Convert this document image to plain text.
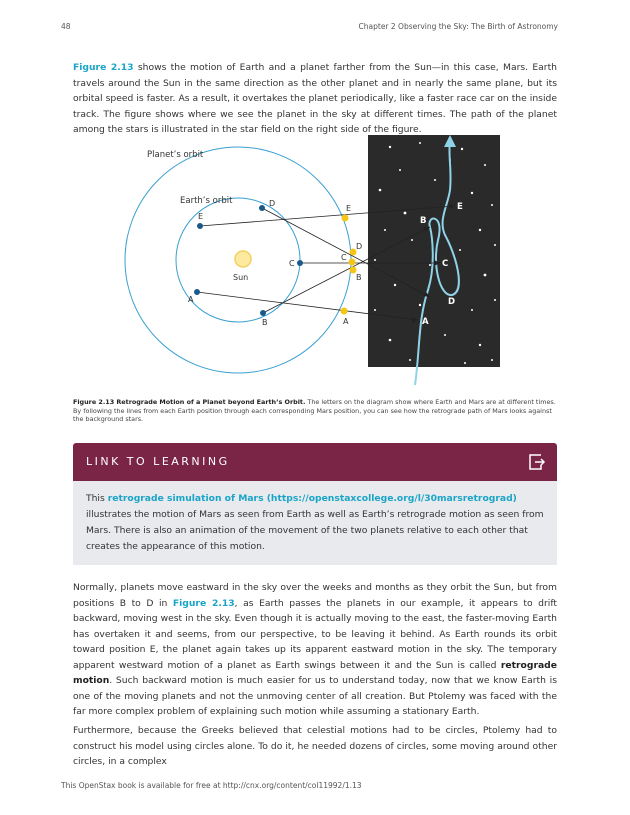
48	Chapter 2 Observing the Sky: The Birth of Astronomy

Figure 2.13 shows the motion of Earth and a planet farther from the Sun—in this case, Mars. Earth travels around the Sun in the same direction as the other planet and in nearly the same plane, but its orbital speed is faster. As a result, it overtakes the planet periodically, like a faster race car on the inside track. The figure shows where we see the planet in the sky at different times. The path of the planet among the stars is illustrated in the star field on the right side of the figure.

Sun
Planet’s orbit
Earth’s orbit
E
D
C
A
B
E
D
C
B
A
E
B
C
D
A

Figure 2.13 Retrograde Motion of a Planet beyond Earth’s Orbit. The letters on the diagram show where Earth and Mars are at different times. By following the lines from each Earth position through each corresponding Mars position, you can see how the retrograde path of Mars looks against the background stars.

LINK TO LEARNING

This retrograde simulation of Mars (https://openstaxcollege.org/l/30marsretrograd) illustrates the motion of Mars as seen from Earth as well as Earth’s retrograde motion as seen from Mars. There is also an animation of the movement of the two planets relative to each other that creates the appearance of this motion.

Normally, planets move eastward in the sky over the weeks and months as they orbit the Sun, but from positions B to D in Figure 2.13, as Earth passes the planets in our example, it appears to drift backward, moving west in the sky. Even though it is actually moving to the east, the faster-moving Earth has overtaken it and seems, from our perspective, to be leaving it behind. As Earth rounds its orbit toward position E, the planet again takes up its apparent eastward motion in the sky. The temporary apparent westward motion of a planet as Earth swings between it and the Sun is called retrograde motion. Such backward motion is much easier for us to understand today, now that we know Earth is one of the moving planets and not the unmoving center of all creation. But Ptolemy was faced with the far more complex problem of explaining such motion while assuming a stationary Earth.

Furthermore, because the Greeks believed that celestial motions had to be circles, Ptolemy had to construct his model using circles alone. To do it, he needed dozens of circles, some moving around other circles, in a complex

This OpenStax book is available for free at http://cnx.org/content/col11992/1.13
